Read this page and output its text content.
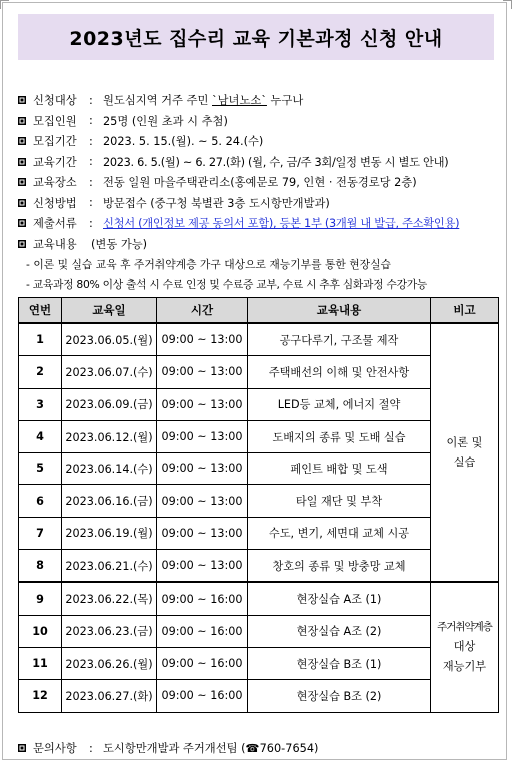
2023년도 집수리 교육 기본과정 신청 안내
신청대상	: 원도심지역 거주 주민 `남녀노소` 누구나
모집인원	: 25명 (인원 초과 시 추첨)
모집기간	: 2023. 5. 15.(월). ~ 5. 24.(수)
교육기간	: 2023. 6. 5.(월) ~ 6. 27.(화) (월, 수, 금/주 3회/일정 변동 시 별도 안내)
교육장소	: 전동 일원 마을주택관리소(홍예문로 79, 인현 · 전동경로당 2층)
신청방법	: 방문접수 (중구청 북별관 3층 도시항만개발과)
제출서류	: 신청서 (개인정보 제공 동의서 포함), 등본 1부 (3개월 내 발급, 주소확인용)
교육내용	(변동 가능)
- 이론 및 실습 교육 후 주거취약계층 가구 대상으로 재능기부를 통한 현장실습
- 교육과정 80% 이상 출석 시 수료 인정 및 수료증 교부, 수료 시 추후 심화과정 수강가능
연번	교육일	시간	교육내용	비고
1	2023.06.05.(월)	09:00 ~ 13:00	공구다루기, 구조물 제작	이론 및
실습

2	2023.06.07.(수)	09:00 ~ 13:00	주택배선의 이해 및 안전사항	
3	2023.06.09.(금)	09:00 ~ 13:00	LED등 교체, 에너지 절약	
4	2023.06.12.(월)	09:00 ~ 13:00	도배지의 종류 및 도배 실습	
5	2023.06.14.(수)	09:00 ~ 13:00	페인트 배합 및 도색	
6	2023.06.16.(금)	09:00 ~ 13:00	타일 재단 및 부착	
7	2023.06.19.(월)	09:00 ~ 13:00	수도, 변기, 세면대 교체 시공	
8	2023.06.21.(수)	09:00 ~ 13:00	창호의 종류 및 방충망 교체	
9	2023.06.22.(목)	09:00 ~ 16:00	현장실습 A조 (1)	주거취약계층
대상
재능기부

10	2023.06.23.(금)	09:00 ~ 16:00	현장실습 A조 (2)	
11	2023.06.26.(월)	09:00 ~ 16:00	현장실습 B조 (1)	
12	2023.06.27.(화)	09:00 ~ 16:00	현장실습 B조 (2)	
문의사항	: 도시항만개발과 주거개선팀 (☎760-7654)
